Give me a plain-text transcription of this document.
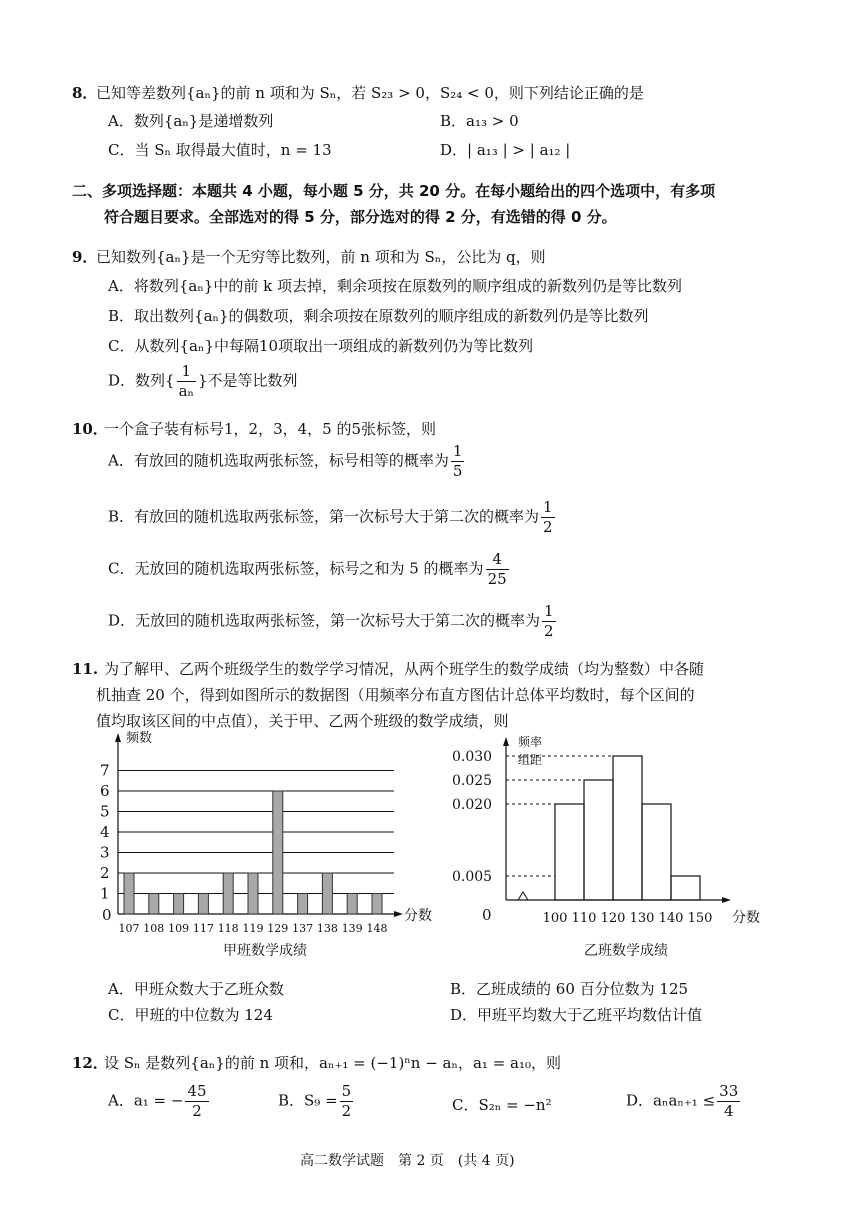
8．
已知等差数列{aₙ}的前 n 项和为 Sₙ，若 S₂₃ > 0，S₂₄ < 0，则下列结论正确的是
A．数列{aₙ}是递增数列	B．a₁₃ > 0
C．当 Sₙ 取得最大值时，n = 13	D．| a₁₃ | > | a₁₂ |
二、多项选择题：本题共 4 小题，每小题 5 分，共 20 分。在每小题给出的四个选项中，有多项
符合题目要求。全部选对的得 5 分，部分选对的得 2 分，有选错的得 0 分。
9．
已知数列{aₙ}是一个无穷等比数列，前 n 项和为 Sₙ，公比为 q，则
A．将数列{aₙ}中的前 k 项去掉，剩余项按在原数列的顺序组成的新数列仍是等比数列
B．取出数列{aₙ}的偶数项，剩余项按在原数列的顺序组成的新数列仍是等比数列
C．从数列{aₙ}中每隔10项取出一项组成的新数列仍为等比数列
D．数列{ $\frac{1}{\text{aₙ}}$ }不是等比数列
10．
一个盒子装有标号1，2，3，4，5 的5张标签，则
A．有放回的随机选取两张标签，标号相等的概率为 $\frac{1}{5}$
B．有放回的随机选取两张标签，第一次标号大于第二次的概率为 $\frac{1}{2}$
C．无放回的随机选取两张标签，标号之和为 5 的概率为 $\frac{4}{25}$
D．无放回的随机选取两张标签，第一次标号大于第二次的概率为 $\frac{1}{2}$
11. 为了解甲、乙两个班级学生的数学学习情况，从两个班学生的数学成绩（均为整数）中各随
机抽查 20 个，得到如图所示的数据图（用频率分布直方图估计总体平均数时，每个区间的
值均取该区间的中点值），关于甲、乙两个班级的数学成绩，则
1
2
3
4
5
6
7
107 108 109 117 118 119 129 137 138 139 148
频数
分数
0
甲班数学成绩
0.005
0.020
0.025
0.030
100 110 120 130 140 150
频率
组距
分数
0
乙班数学成绩
A．甲班众数大于乙班众数	B．乙班成绩的 60 百分位数为 125
C．甲班的中位数为 124	D．甲班平均数大于乙班平均数估计值
12．
设 Sₙ 是数列{aₙ}的前 n 项和，aₙ₊₁ = (−1)ⁿn − aₙ，a₁ = a₁₀，则
A．a₁ = − $\frac{45}{2}$	B．$S_9 = \frac{5}{2}$	C．S₂ₙ = −n²	D．$a_na_{n+1} \le \frac{33}{4}$
高二数学试题　第 2 页　(共 4 页)
